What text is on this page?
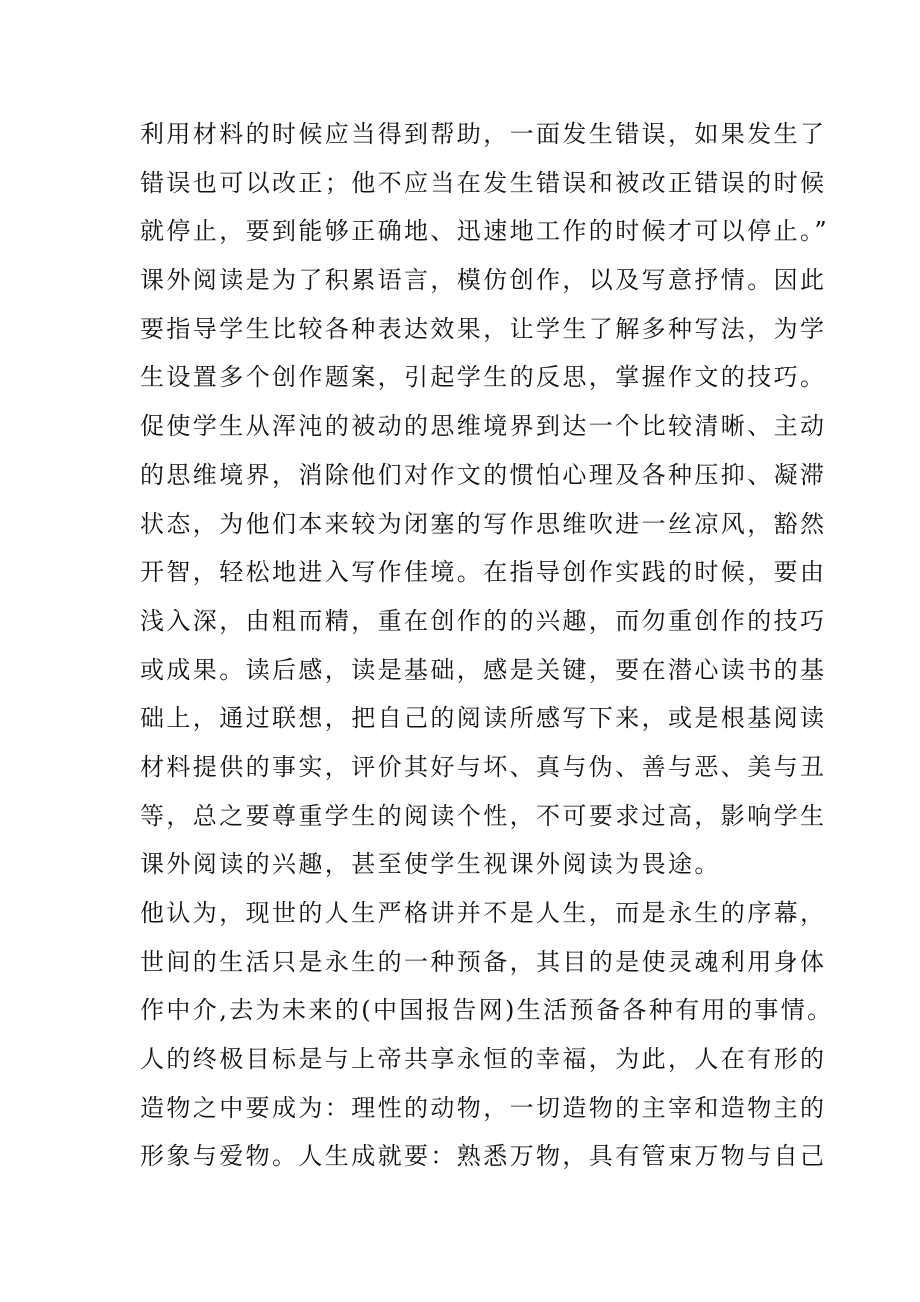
利用材料的时候应当得到帮助，一面发生错误，如果发生了
错误也可以改正；他不应当在发生错误和被改正错误的时候
就停止，要到能够正确地、迅速地工作的时候才可以停止。”
课外阅读是为了积累语言，模仿创作，以及写意抒情。因此
要指导学生比较各种表达效果，让学生了解多种写法，为学
生设置多个创作题案，引起学生的反思，掌握作文的技巧。
促使学生从浑沌的被动的思维境界到达一个比较清晰、主动
的思维境界，消除他们对作文的惯怕心理及各种压抑、凝滞
状态，为他们本来较为闭塞的写作思维吹进一丝凉风，豁然
开智，轻松地进入写作佳境。在指导创作实践的时候，要由
浅入深，由粗而精，重在创作的的兴趣，而勿重创作的技巧
或成果。读后感，读是基础，感是关键，要在潜心读书的基
础上，通过联想，把自己的阅读所感写下来，或是根基阅读
材料提供的事实，评价其好与坏、真与伪、善与恶、美与丑
等，总之要尊重学生的阅读个性，不可要求过高，影响学生
课外阅读的兴趣，甚至使学生视课外阅读为畏途。
他认为，现世的人生严格讲并不是人生，而是永生的序幕，
世间的生活只是永生的一种预备，其目的是使灵魂利用身体
作中介,去为未来的(中国报告网)生活预备各种有用的事情。
人的终极目标是与上帝共享永恒的幸福，为此，人在有形的
造物之中要成为：理性的动物，一切造物的主宰和造物主的
形象与爱物。人生成就要：熟悉万物，具有管束万物与自己
